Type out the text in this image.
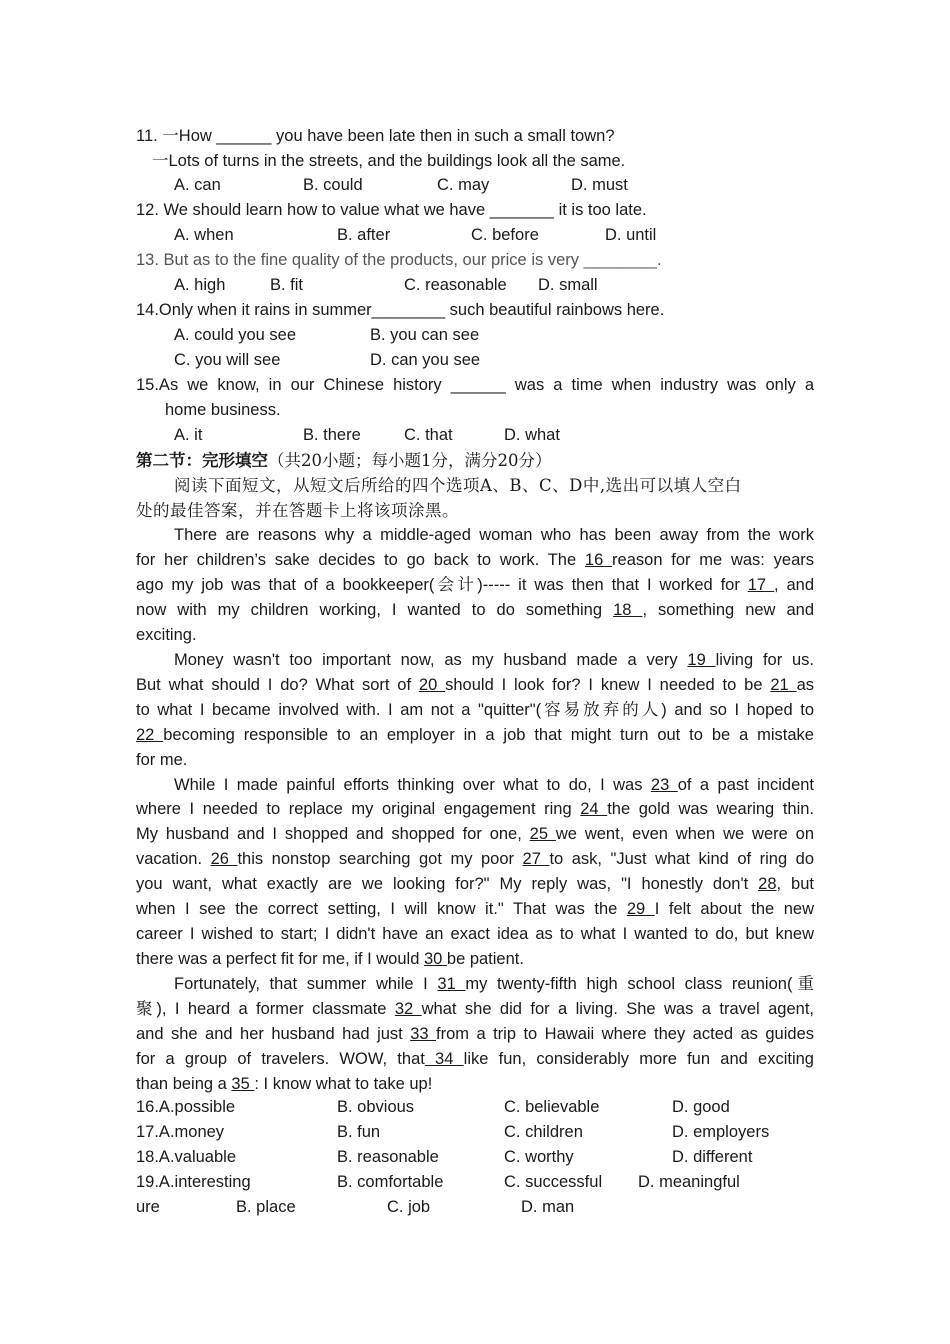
11. 一How ______ you have been late then in such a small town?
一Lots of turns in the streets, and the buildings look all the same.
A. can	B. could	C. may	D. must
12. We should learn how to value what we have _______ it is too late.
A. when	B. after	C. before	D. until
13. But as to the fine quality of the products, our price is very ________.
A. high	B. fit	C. reasonable D. small
14.Only when it rains in summer________ such beautiful rainbows here.
A. could you see	B. you can see
C. you will see	D. can you see
15.As we know, in our Chinese history ______ was a time when industry was only a
home business.
A. it	B. there	C. that	D. what
第二节：完形填空（共20小题；每小题1分，满分20分）
阅读下面短文，从短文后所给的四个选项A、B、C、D中,选出可以填人空白
处的最佳答案，并在答题卡上将该项涂黑。
There are reasons why a middle-aged woman who has been away from the work
for her children’s sake decides to go back to work. The 16 reason for me was: years
ago my job was that of a bookkeeper(会计)----- it was then that I worked for 17 , and
now with my children working, I wanted to do something 18 , something new and
exciting.
Money wasn't too important now, as my husband made a very 19 living for us.
But what should I do? What sort of 20 should I look for? I knew I needed to be 21 as
to what I became involved with. I am not a "quitter"(容易放弃的人) and so I hoped to
22 becoming responsible to an employer in a job that might turn out to be a mistake
for me.
While I made painful efforts thinking over what to do, I was 23 of a past incident
where I needed to replace my original engagement ring 24 the gold was wearing thin.
My husband and I shopped and shopped for one, 25 we went, even when we were on
vacation. 26 this nonstop searching got my poor 27 to ask, "Just what kind of ring do
you want, what exactly are we looking for?" My reply was, "I honestly don't 28, but
when I see the correct setting, I will know it." That was the 29 I felt about the new
career I wished to start; I didn't have an exact idea as to what I wanted to do, but knew
there was a perfect fit for me, if I would 30 be patient.
Fortunately, that summer while I 31 my twenty-fifth high school class reunion(重
聚), I heard a former classmate 32 what she did for a living. She was a travel agent,
and she and her husband had just 33 from a trip to Hawaii where they acted as guides
for a group of travelers. WOW, that 34 like fun, considerably more fun and exciting
than being a 35 : I know what to take up!
16.A.possible	B. obvious	C. believable	D. good
17.A.money	B. fun	C. children	D. employers
18.A.valuable	B. reasonable	C. worthy	D. different
19.A.interesting	B. comfortable	C. successful D. meaningful
ure	B. place	C. job	D. man
